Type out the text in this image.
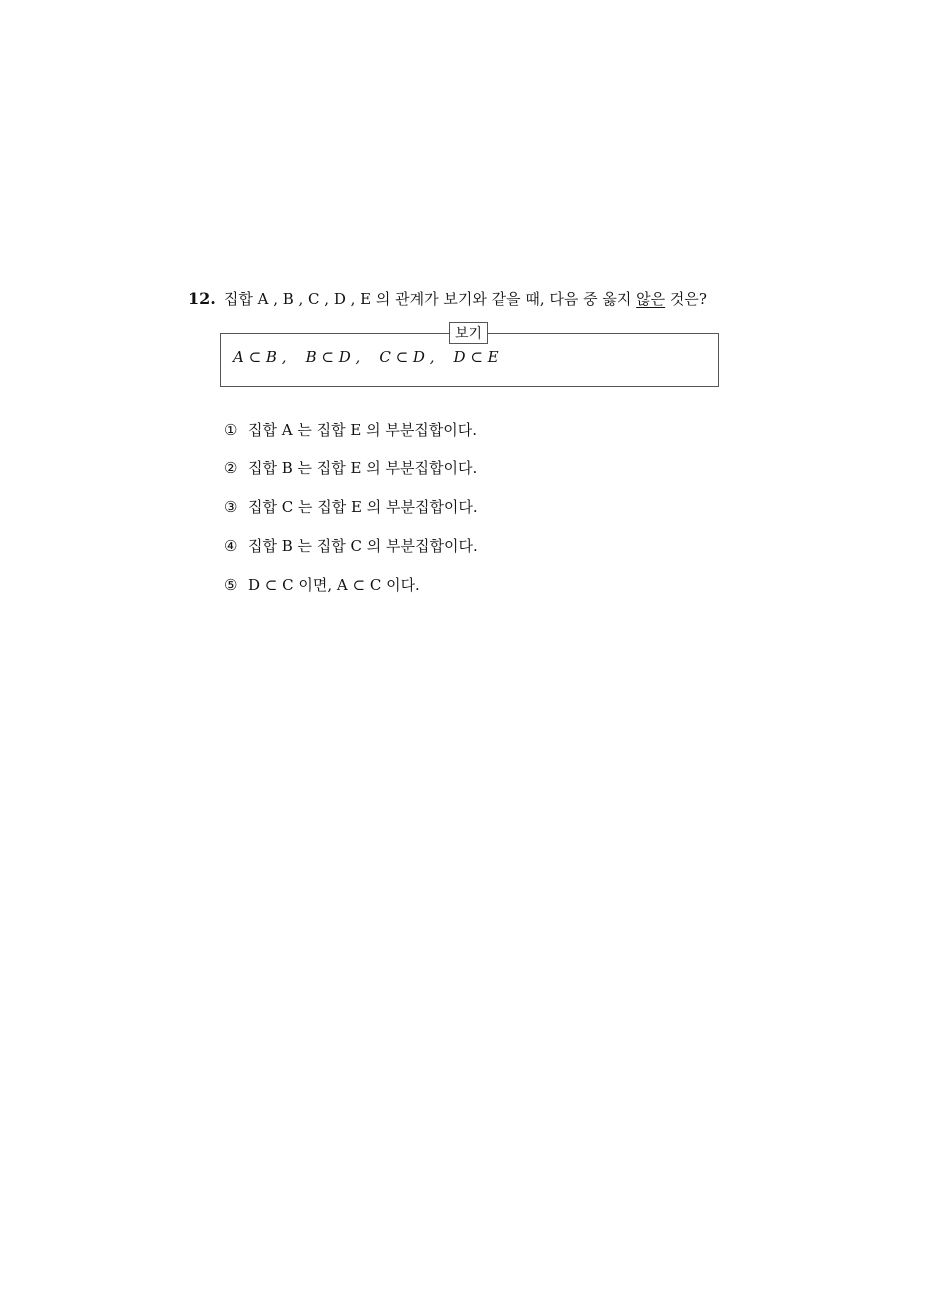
12. 집합 A , B , C , D , E 의 관계가 보기와 같을 때, 다음 중 옳지 않은 것은?
보기
A ⊂ B ,    B ⊂ D ,    C ⊂ D ,    D ⊂ E
① 집합 A 는 집합 E 의 부분집합이다.
② 집합 B 는 집합 E 의 부분집합이다.
③ 집합 C 는 집합 E 의 부분집합이다.
④ 집합 B 는 집합 C 의 부분집합이다.
⑤ D ⊂ C 이면, A ⊂ C 이다.
